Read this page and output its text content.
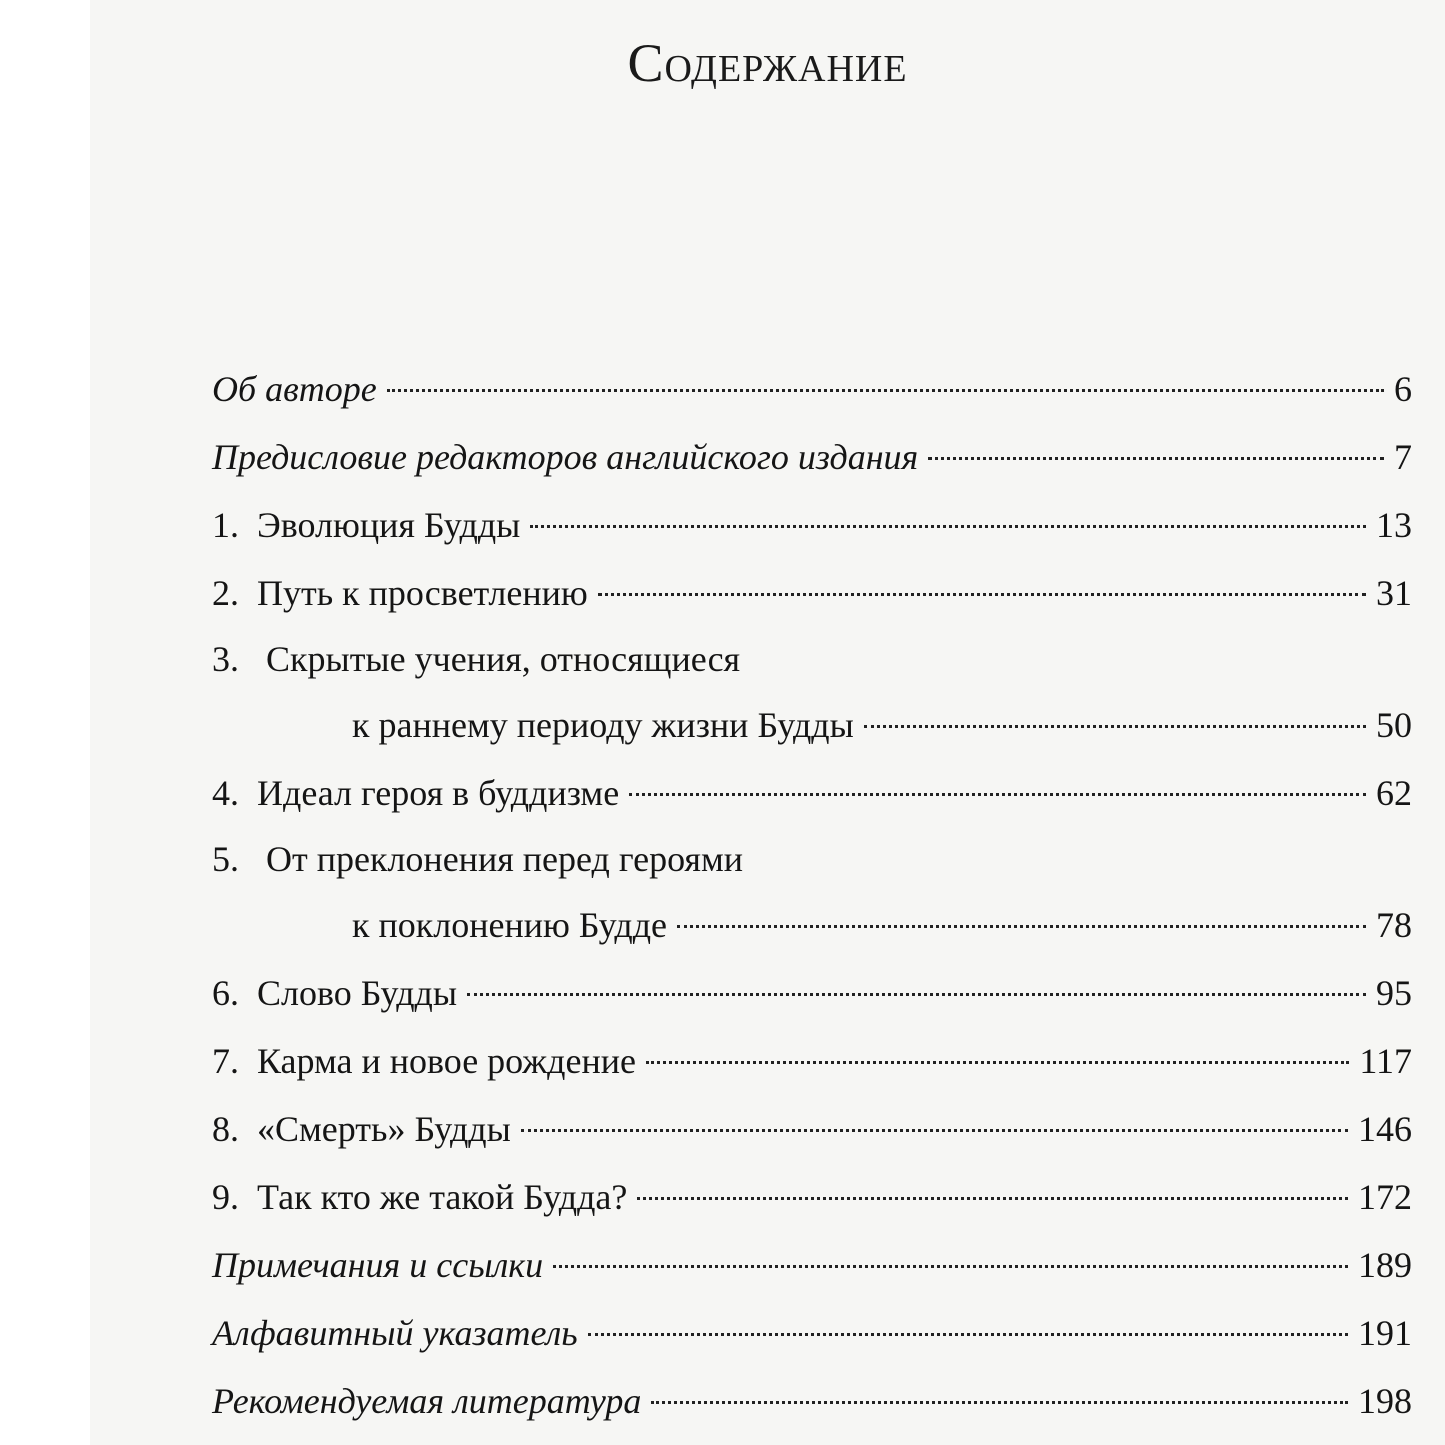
Содержание
Об авторе	6
Предисловие редакторов английского издания	7
1. Эволюция Будды	13
2. Путь к просветлению	31
3. Скрытые учения, относящиеся
к раннему периоду жизни Будды	50
4. Идеал героя в буддизме	62
5. От преклонения перед героями
к поклонению Будде	78
6. Слово Будды	95
7. Карма и новое рождение	117
8. «Смерть» Будды	146
9. Так кто же такой Будда?	172
Примечания и ссылки	189
Алфавитный указатель	191
Рекомендуемая литература	198
